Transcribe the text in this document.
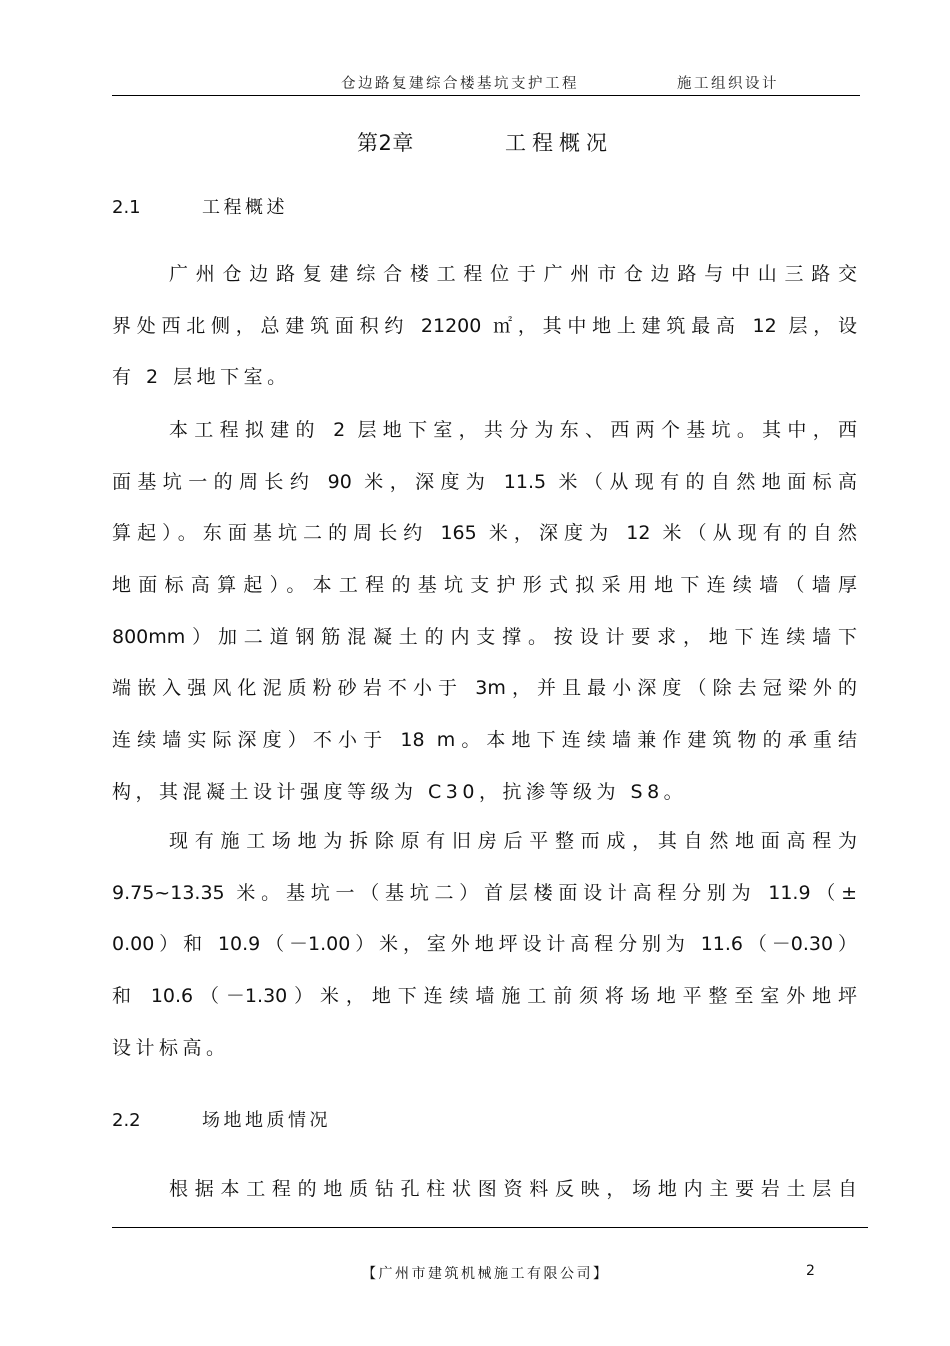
仓边路复建综合楼基坑支护工程	施工组织设计
第2章	工程概况
2.1	工程概述
广州仓边路复建综合楼工程位于广州市仓边路与中山三路交
界处西北侧，总建筑面积约 21200 ㎡，其中地上建筑最高 12 层，设
有 2 层地下室。
本工程拟建的 2 层地下室，共分为东、西两个基坑。其中，西
面基坑一的周长约 90 米，深度为 11.5 米（从现有的自然地面标高
算起）。东面基坑二的周长约 165 米，深度为 12 米（从现有的自然
地面标高算起）。本工程的基坑支护形式拟采用地下连续墙（墙厚
800mm）加二道钢筋混凝土的内支撑。按设计要求，地下连续墙下
端嵌入强风化泥质粉砂岩不小于 3m，并且最小深度（除去冠梁外的
连续墙实际深度）不小于 18 m。本地下连续墙兼作建筑物的承重结
构，其混凝土设计强度等级为 C30，抗渗等级为 S8。
现有施工场地为拆除原有旧房后平整而成，其自然地面高程为
9.75~13.35 米。基坑一（基坑二）首层楼面设计高程分别为 11.9（±
0.00）和 10.9（－1.00）米，室外地坪设计高程分别为 11.6（－0.30）
和 10.6（－1.30）米，地下连续墙施工前须将场地平整至室外地坪
设计标高。
2.2	场地地质情况
根据本工程的地质钻孔柱状图资料反映，场地内主要岩土层自
【广州市建筑机械施工有限公司】	2
